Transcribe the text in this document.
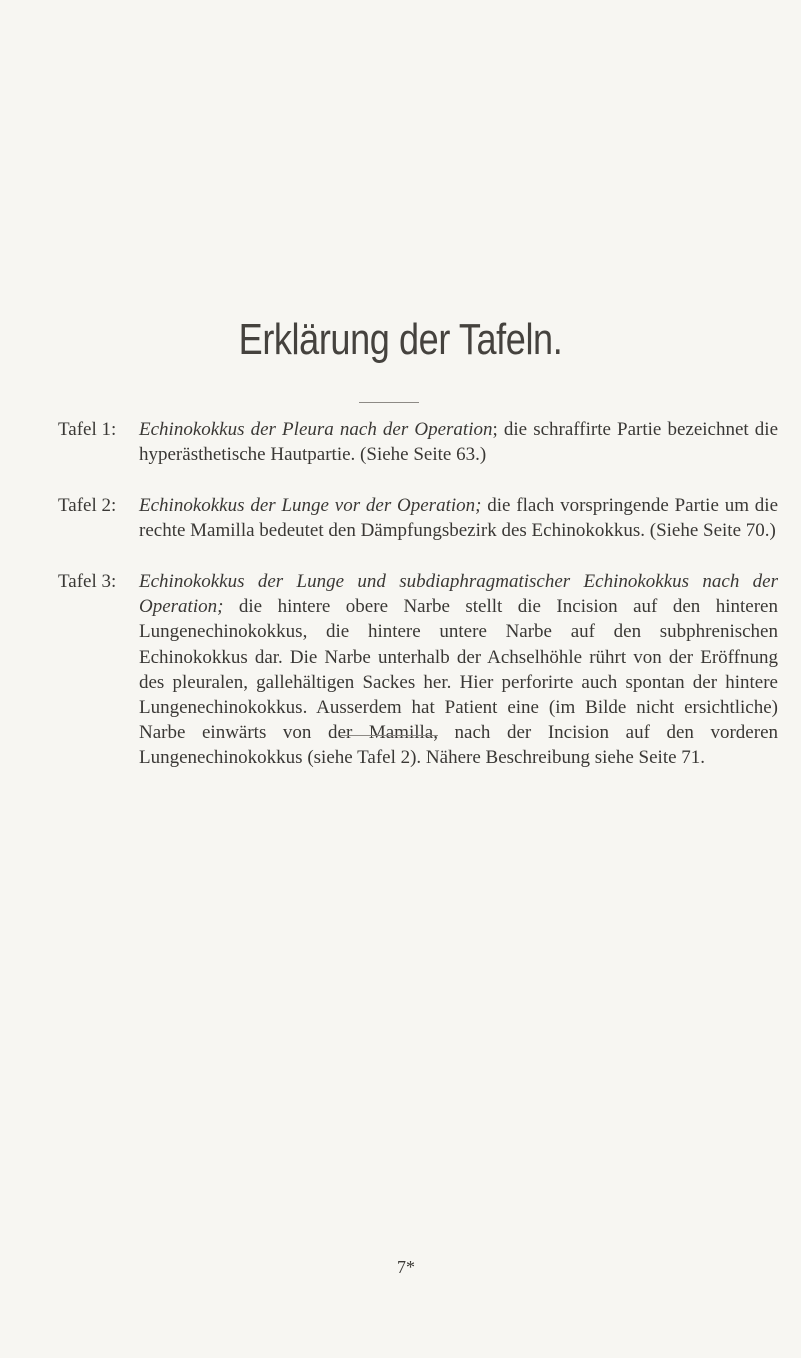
Erklärung der Tafeln.
Tafel 1: Echinokokkus der Pleura nach der Operation; die schraffirte Partie bezeichnet die hyperästhetische Hautpartie. (Siehe Seite 63.)
Tafel 2: Echinokokkus der Lunge vor der Operation; die flach vorspringende Partie um die rechte Mamilla bedeutet den Dämpfungsbezirk des Echinokokkus. (Siehe Seite 70.)
Tafel 3: Echinokokkus der Lunge und subdiaphragmatischer Echinokokkus nach der Operation; die hintere obere Narbe stellt die Incision auf den hinteren Lungenechinokokkus, die hintere untere Narbe auf den subphrenischen Echinokokkus dar. Die Narbe unterhalb der Achselhöhle rührt von der Eröffnung des pleuralen, gallehältigen Sackes her. Hier perforirte auch spontan der hintere Lungenechinokokkus. Ausserdem hat Patient eine (im Bilde nicht ersichtliche) Narbe einwärts von der Mamilla, nach der Incision auf den vorderen Lungenechinokokkus (siehe Tafel 2). Nähere Beschreibung siehe Seite 71.
7*
